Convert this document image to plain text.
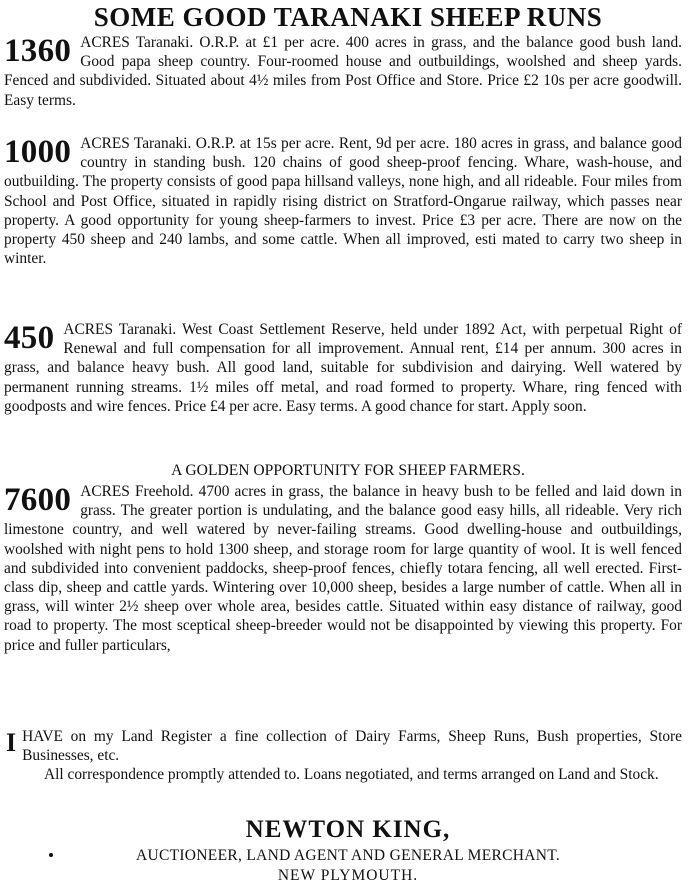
SOME GOOD TARANAKI SHEEP RUNS

1360 ACRES Taranaki. O.R.P. at £1 per acre. 400 acres in grass, and the balance good bush land. Good papa sheep country. Four-roomed house and outbuildings, woolshed and sheep yards. Fenced and subdivided. Situated about 4½ miles from Post Office and Store. Price £2 10s per acre goodwill. Easy terms.

1000 ACRES Taranaki. O.R.P. at 15s per acre. Rent, 9d per acre. 180 acres in grass, and balance good country in standing bush. 120 chains of good sheep-proof fencing. Whare, wash-house, and outbuilding. The property consists of good papa hillsand valleys, none high, and all rideable. Four miles from School and Post Office, situated in rapidly rising district on Stratford-Ongarue railway, which passes near property. A good opportunity for young sheep-farmers to invest. Price £3 per acre. There are now on the property 450 sheep and 240 lambs, and some cattle. When all improved, esti mated to carry two sheep in winter.

450 ACRES Taranaki. West Coast Settlement Reserve, held under 1892 Act, with perpetual Right of Renewal and full compensation for all improvement. Annual rent, £14 per annum. 300 acres in grass, and balance heavy bush. All good land, suitable for subdivision and dairying. Well watered by permanent running streams. 1½ miles off metal, and road formed to property. Whare, ring fenced with goodposts and wire fences. Price £4 per acre. Easy terms. A good chance for start. Apply soon.

A GOLDEN OPPORTUNITY FOR SHEEP FARMERS.

7600 ACRES Freehold. 4700 acres in grass, the balance in heavy bush to be felled and laid down in grass. The greater portion is undulating, and the balance good easy hills, all rideable. Very rich limestone country, and well watered by never-failing streams. Good dwelling-house and outbuildings, woolshed with night pens to hold 1300 sheep, and storage room for large quantity of wool. It is well fenced and subdivided into convenient paddocks, sheep-proof fences, chiefly totara fencing, all well erected. First-class dip, sheep and cattle yards. Wintering over 10,000 sheep, besides a large number of cattle. When all in grass, will winter 2½ sheep over whole area, besides cattle. Situated within easy distance of railway, good road to property. The most sceptical sheep-breeder would not be disappointed by viewing this property. For price and fuller particulars,

IHAVE on my Land Register a fine collection of Dairy Farms, Sheep Runs, Bush properties, Store Businesses, etc.

All correspondence promptly attended to. Loans negotiated, and terms arranged on Land and Stock.

NEWTON KING,
AUCTIONEER, LAND AGENT AND GENERAL MERCHANT.
NEW PLYMOUTH.
